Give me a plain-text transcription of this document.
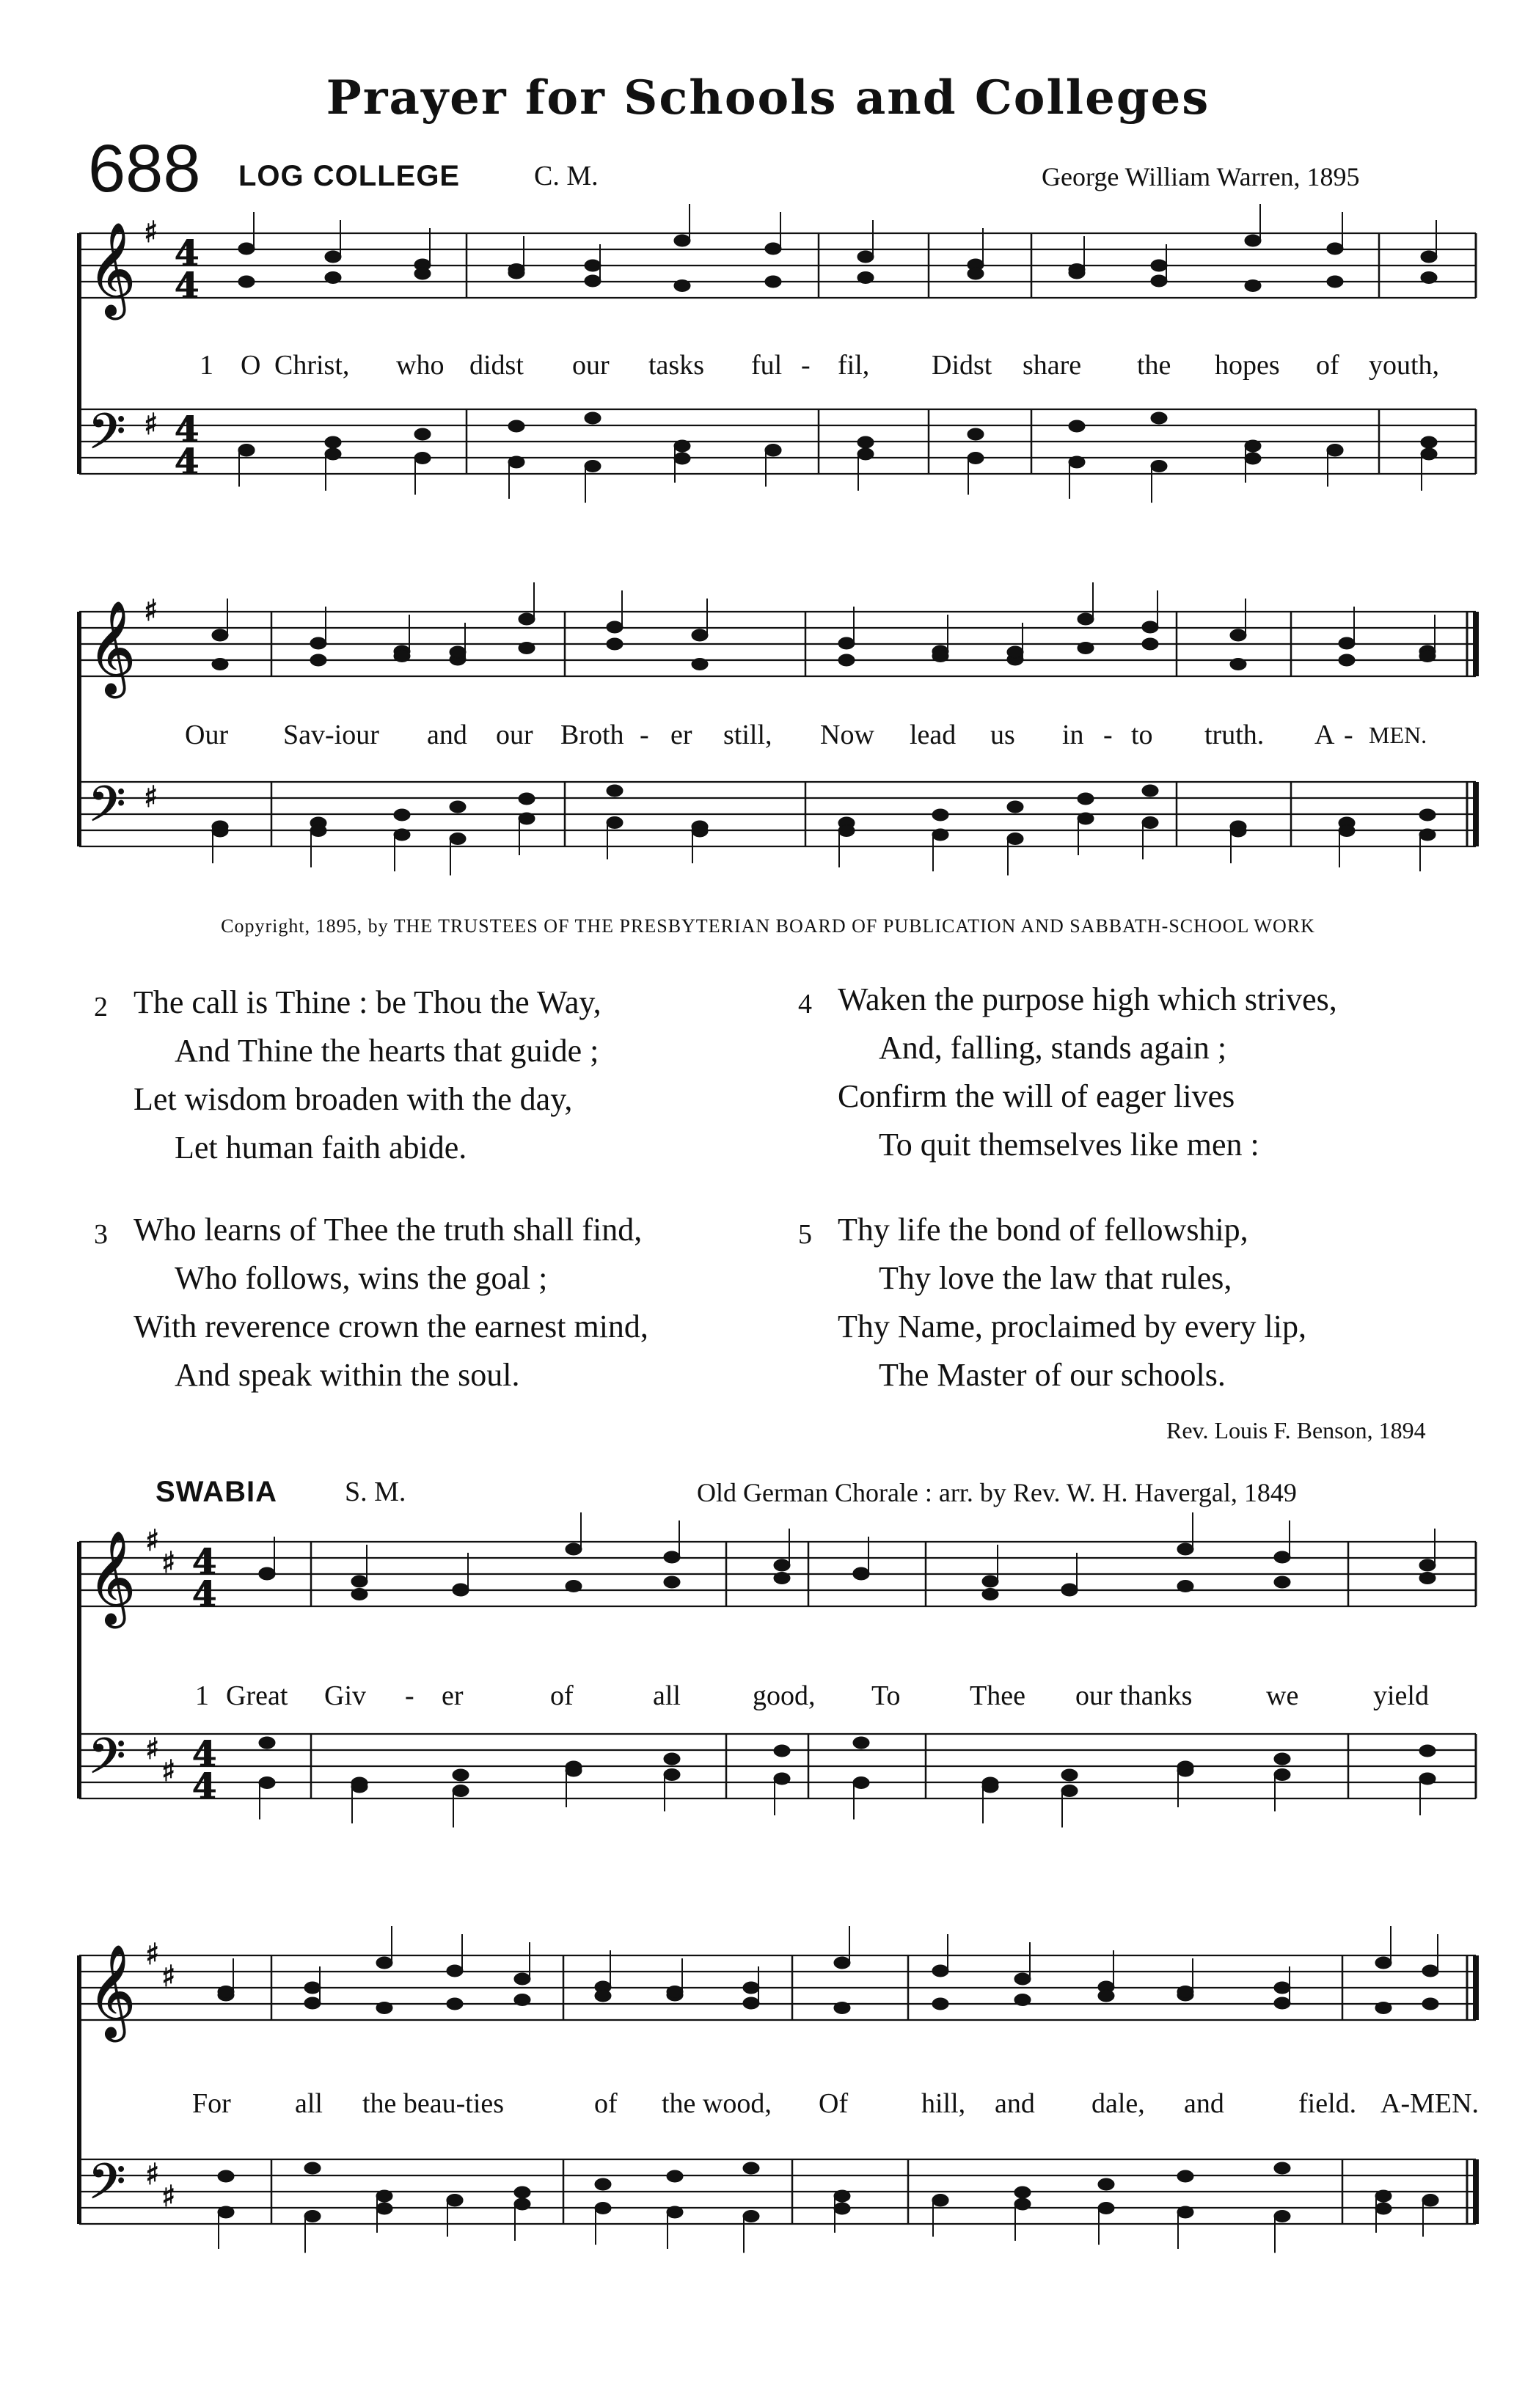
Prayer for Schools and Colleges
688 LOG COLLEGE	C. M.	George William Warren, 1895
𝄞
𝄢
♯
♯
4
4
4
4
𝄞
𝄢
♯
♯
𝄞
𝄢
♯
♯
♯
♯
4
4
4
4
𝄞
𝄢
♯
♯
♯
♯
1 O Christ, who didst our tasks ful - fil, Didst share the hopes of youth,
Our Sav-iour and our Broth - er still, Now lead us in - to truth. A - MEN.
Copyright, 1895, by THE TRUSTEES OF THE PRESBYTERIAN BOARD OF PUBLICATION AND SABBATH-SCHOOL WORK
2 The call is Thine : be Thou the Way,
And Thine the hearts that guide ;
Let wisdom broaden with the day,
Let human faith abide.
3 Who learns of Thee the truth shall find,
Who follows, wins the goal ;
With reverence crown the earnest mind,
And speak within the soul.
4 Waken the purpose high which strives,
And, falling, stands again ;
Confirm the will of eager lives
To quit themselves like men :
5 Thy life the bond of fellowship,
Thy love the law that rules,
Thy Name, proclaimed by every lip,
The Master of our schools.
Rev. Louis F. Benson, 1894
SWABIA S. M.	Old German Chorale : arr. by Rev. W. H. Havergal, 1849
1 Great Giv - er	of	all	good, To Thee our thanks	we	yield
For all the beau-ties	of the wood, Of	hill, and dale, and	field. A-MEN.
